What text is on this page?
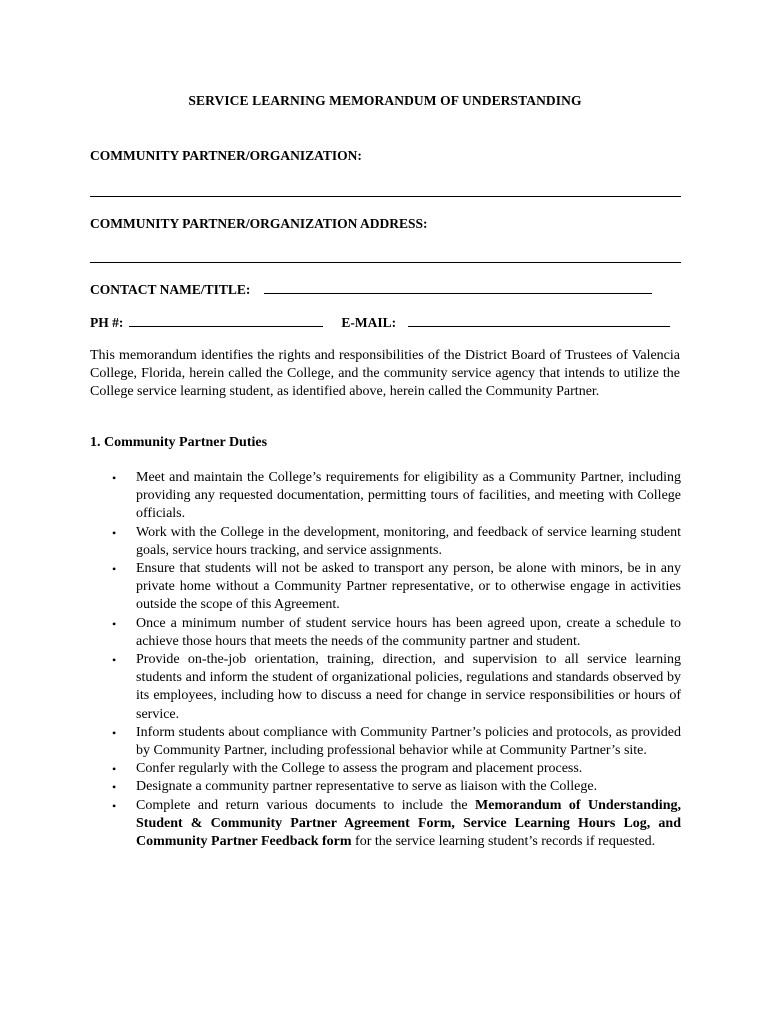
SERVICE LEARNING MEMORANDUM OF UNDERSTANDING
COMMUNITY PARTNER/ORGANIZATION:
COMMUNITY PARTNER/ORGANIZATION ADDRESS:
CONTACT NAME/TITLE:
PH #:	E-MAIL:
This memorandum identifies the rights and responsibilities of the District Board of Trustees of Valencia College, Florida, herein called the College, and the community service agency that intends to utilize the College service learning student, as identified above, herein called the Community Partner.
1. Community Partner Duties
• Meet and maintain the College’s requirements for eligibility as a Community Partner, including providing any requested documentation, permitting tours of facilities, and meeting with College officials.
• Work with the College in the development, monitoring, and feedback of service learning student goals, service hours tracking, and service assignments.
• Ensure that students will not be asked to transport any person, be alone with minors, be in any private home without a Community Partner representative, or to otherwise engage in activities outside the scope of this Agreement.
• Once a minimum number of student service hours has been agreed upon, create a schedule to achieve those hours that meets the needs of the community partner and student.
• Provide on-the-job orientation, training, direction, and supervision to all service learning students and inform the student of organizational policies, regulations and standards observed by its employees, including how to discuss a need for change in service responsibilities or hours of service.
• Inform students about compliance with Community Partner’s policies and protocols, as provided by Community Partner, including professional behavior while at Community Partner’s site.
• Confer regularly with the College to assess the program and placement process.
• Designate a community partner representative to serve as liaison with the College.
• Complete and return various documents to include the Memorandum of Understanding, Student & Community Partner Agreement Form, Service Learning Hours Log, and Community Partner Feedback form for the service learning student’s records if requested.
